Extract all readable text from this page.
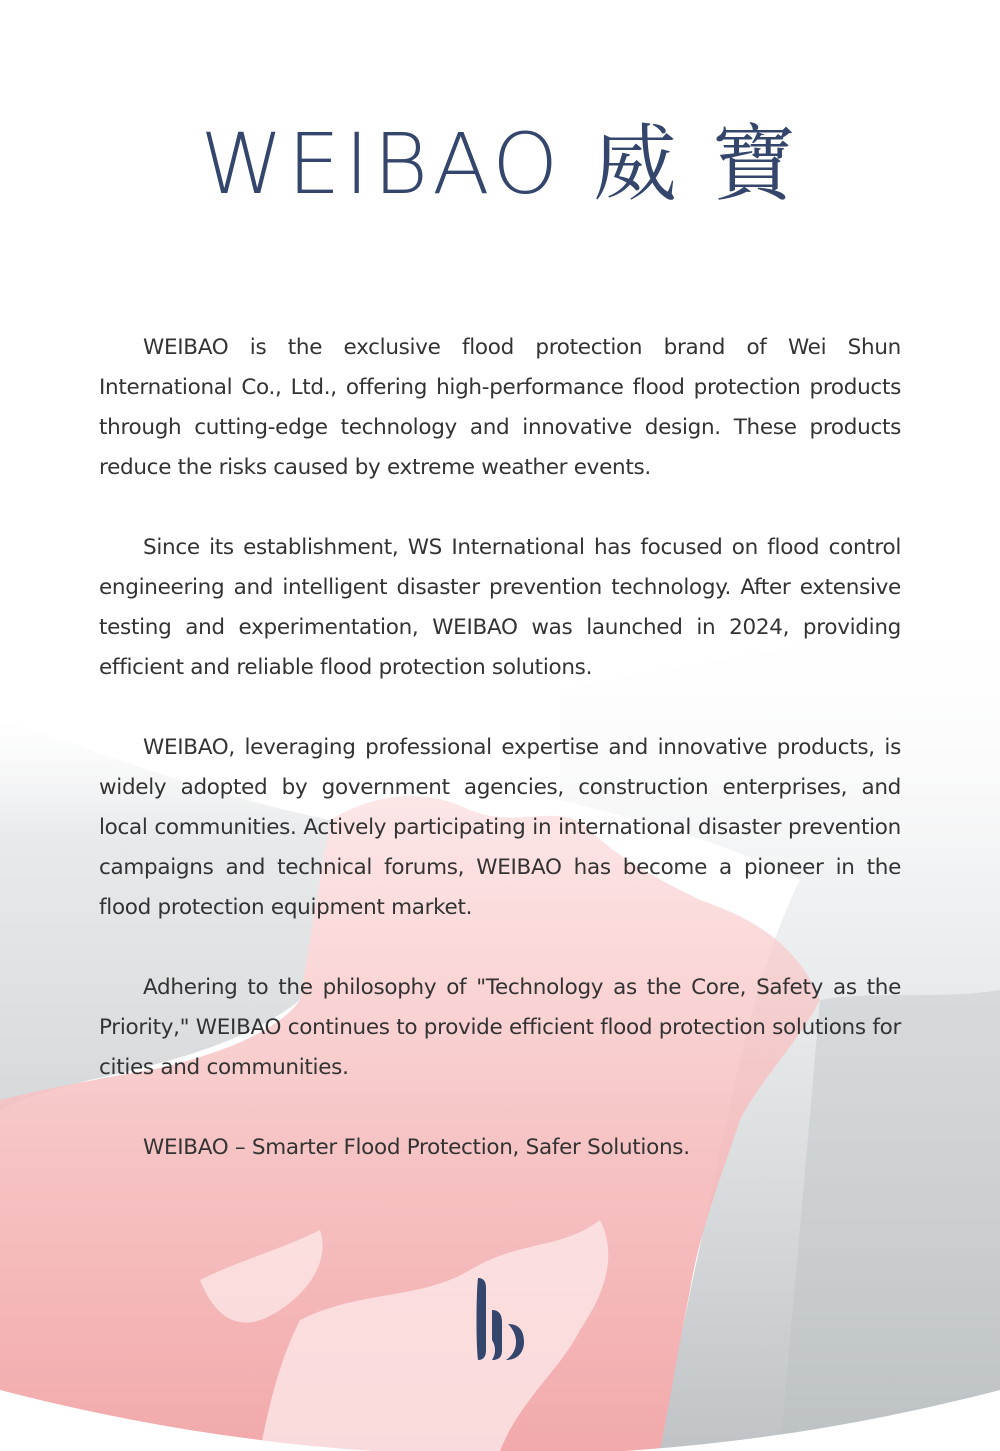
WEIBAO 威 寶

WEIBAO is the exclusive flood protection brand of Wei Shun International Co., Ltd., offering high-performance flood protection products through cutting-edge technology and innovative design. These products reduce the risks caused by extreme weather events.

Since its establishment, WS International has focused on flood control engineering and intelligent disaster prevention technology. After extensive testing and experimentation, WEIBAO was launched in 2024, providing efficient and reliable flood protection solutions.

WEIBAO, leveraging professional expertise and innovative products, is widely adopted by government agencies, construction enterprises, and local communities. Actively participating in international disaster prevention campaigns and technical forums, WEIBAO has become a pioneer in the flood protection equipment market.

Adhering to the philosophy of "Technology as the Core, Safety as the Priority," WEIBAO continues to provide efficient flood protection solutions for cities and communities.

WEIBAO – Smarter Flood Protection, Safer Solutions.
